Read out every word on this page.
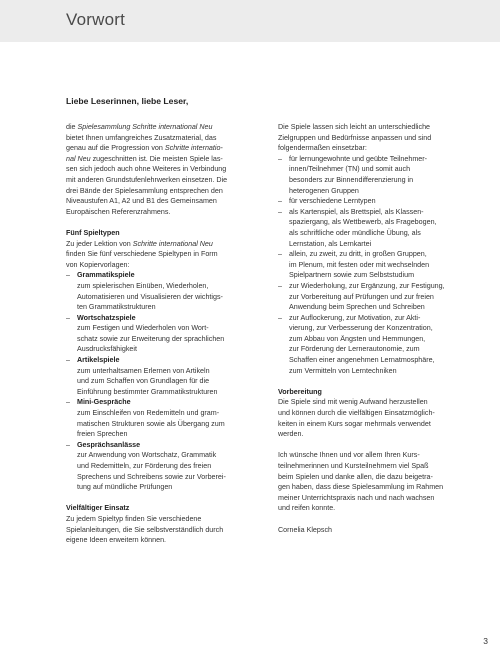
Vorwort
Liebe Leserinnen, liebe Leser,
die Spielesammlung Schritte international Neu
bietet Ihnen umfangreiches Zusatzmaterial, das
genau auf die Progression von Schritte internatio-
nal Neu zugeschnitten ist. Die meisten Spiele las-
sen sich jedoch auch ohne Weiteres in Verbindung
mit anderen Grundstufenlehrwerken einsetzen. Die
drei Bände der Spielesammlung entsprechen den
Niveaustufen A1, A2 und B1 des Gemeinsamen
Europäischen Referenzrahmens.
Fünf Spieltypen
Zu jeder Lektion von Schritte international Neu
finden Sie fünf verschiedene Spieltypen in Form
von Kopiervorlagen:
– Grammatikspiele
zum spielerischen Einüben, Wiederholen,
Automatisieren und Visualisieren der wichtigs-
ten Grammatikstrukturen
– Wortschatzspiele
zum Festigen und Wiederholen von Wort-
schatz sowie zur Erweiterung der sprachlichen
Ausdrucksfähigkeit
– Artikelspiele
zum unterhaltsamen Erlernen von Artikeln
und zum Schaffen von Grundlagen für die
Einführung bestimmter Grammatikstrukturen
– Mini-Gespräche
zum Einschleifen von Redemitteln und gram-
matischen Strukturen sowie als Übergang zum
freien Sprechen
– Gesprächsanlässe
zur Anwendung von Wortschatz, Grammatik
und Redemitteln, zur Förderung des freien
Sprechens und Schreibens sowie zur Vorberei-
tung auf mündliche Prüfungen
Vielfältiger Einsatz
Zu jedem Spieltyp finden Sie verschiedene
Spielanleitungen, die Sie selbstverständlich durch
eigene Ideen erweitern können.
Die Spiele lassen sich leicht an unterschiedliche
Zielgruppen und Bedürfnisse anpassen und sind
folgendermaßen einsetzbar:
– für lernungewohnte und geübte Teilnehmer-
innen/Teilnehmer (TN) und somit auch
besonders zur Binnendifferenzierung in
heterogenen Gruppen
– für verschiedene Lerntypen
– als Kartenspiel, als Brettspiel, als Klassen-
spaziergang, als Wettbewerb, als Fragebogen,
als schriftliche oder mündliche Übung, als
Lernstation, als Lernkartei
– allein, zu zweit, zu dritt, in großen Gruppen,
im Plenum, mit festen oder mit wechselnden
Spielpartnern sowie zum Selbststudium
– zur Wiederholung, zur Ergänzung, zur Festigung,
zur Vorbereitung auf Prüfungen und zur freien
Anwendung beim Sprechen und Schreiben
– zur Auflockerung, zur Motivation, zur Akti-
vierung, zur Verbesserung der Konzentration,
zum Abbau von Ängsten und Hemmungen,
zur Förderung der Lernerautonomie, zum
Schaffen einer angenehmen Lernatmosphäre,
zum Vermitteln von Lerntechniken
Vorbereitung
Die Spiele sind mit wenig Aufwand herzustellen
und können durch die vielfältigen Einsatzmöglich-
keiten in einem Kurs sogar mehrmals verwendet
werden.
Ich wünsche Ihnen und vor allem Ihren Kurs-
teilnehmerinnen und Kursteilnehmern viel Spaß
beim Spielen und danke allen, die dazu beigetra-
gen haben, dass diese Spielesammlung im Rahmen
meiner Unterrichtspraxis nach und nach wachsen
und reifen konnte.
Cornelia Klepsch
3
